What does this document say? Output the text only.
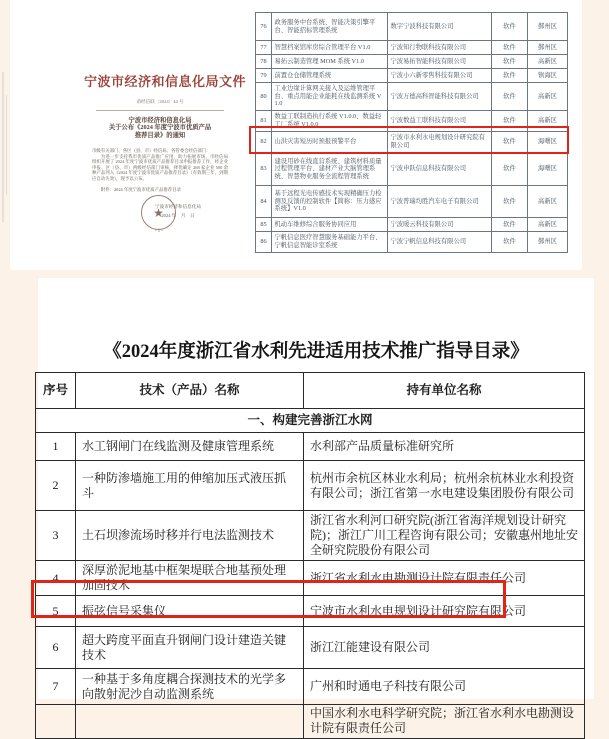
宁波市经济和信息化局文件
甬经信联〔2024〕44 号
宁波市经济和信息化局
关于公布《2024 年度宁波市优质产品
推荐目录》的通知
市级有关部门、各区（县、市）经信局、各管委会经信部门：
为进一步支持我市优质产品推广应用，助力拓展市场，市经信局组织开展了 2024 年度宁波市优质产品推荐目录申报推荐工作，经企业申报、区（县、市）两级经信部门审核，择优确定 268 家企业 500 余种产品列入《2024 年度宁波市优质产品推荐目录》（有效期三年，到期应自动失效），现予以公布。
附件：2024 年度宁波市优质产品推荐目录
宁波市经济和信息化局
2024 年　月　日
★
- 1 -
76	政务服务中台系统、智能决策引擎平台、智能招标管理系统	数字宁波科技有限公司	软件	鄞州区
77	智慧档案馆库房综合管理平台 V1.0	宁波知行物联科技有限公司	软件	鄞州区
78	易拓云制造管理 MOM 系统 V1.0	宁波易拓智能科技有限公司	软件	高新区
79	前置仓仓储管理系统	宁波小六新零售科技有限公司	软件	镇海区
80	工业边缘计算网关接入及运维管理平台、重点用能企业能耗在线监测系统 V1.0	宁波万德高科智能科技有限公司	软件	高新区
81	数益工联制造执行系统 V1.0.0、数益轻工厂系统 V1.0.0	宁波数益工联科技有限公司	软件	高新区
82	山洪灾害短历时预报预警平台	宁波市水利水电规划设计研究院有限公司	软件	海曙区
83	建设用砂在线直营系统、建筑材料质量过程管理平台、建材产业大脑管理系统、智慧物业服务全流程管理系统	宁波申跃信息科技有限公司	软件	海曙区
84	基于远程光电传感技术实现精确压力检测及反馈的控制软件【简称：压力感应系统】V1.0	宁波普瑞均胜汽车电子有限公司	软件	高新区
85	机动车维修综合服务协同应用	宁波暖云科技有限公司	软件	高新区
86	宁帆信息医疗智慧服务基础能力平台、宁帆信息智能诊室系统	宁波宁帆信息科技有限公司	软件	鄞州区
《2024年度浙江省水利先进适用技术推广指导目录》
序号	技术（产品）名称	持有单位名称
一、构建完善浙江水网		
1	水工钢闸门在线监测及健康管理系统	水利部产品质量标准研究所
2	一种防渗墙施工用的伸缩加压式液压抓斗	杭州市余杭区林业水利局；杭州余杭林业水利投资有限公司；浙江省第一水电建设集团股份有限公司
3	土石坝渗流场时移并行电法监测技术	浙江省水利河口研究院(浙江省海洋规划设计研究院)；浙江广川工程咨询有限公司；安徽惠州地址安全研究院股份有限公司
4	深厚淤泥地基中框架堤联合地基预处理加固技术	浙江省水利水电勘测设计院有限责任公司
5	振弦信号采集仪	宁波市水利水电规划设计研究院有限公司
6	超大跨度平面直升钢闸门设计建造关键技术	浙江江能建设有限公司
7	一种基于多角度耦合探测技术的光学多向散射泥沙自动监测系统	广州和时通电子科技有限公司
		中国水利水电科学研究院；浙江省水利水电勘测设计院有限责任公司
